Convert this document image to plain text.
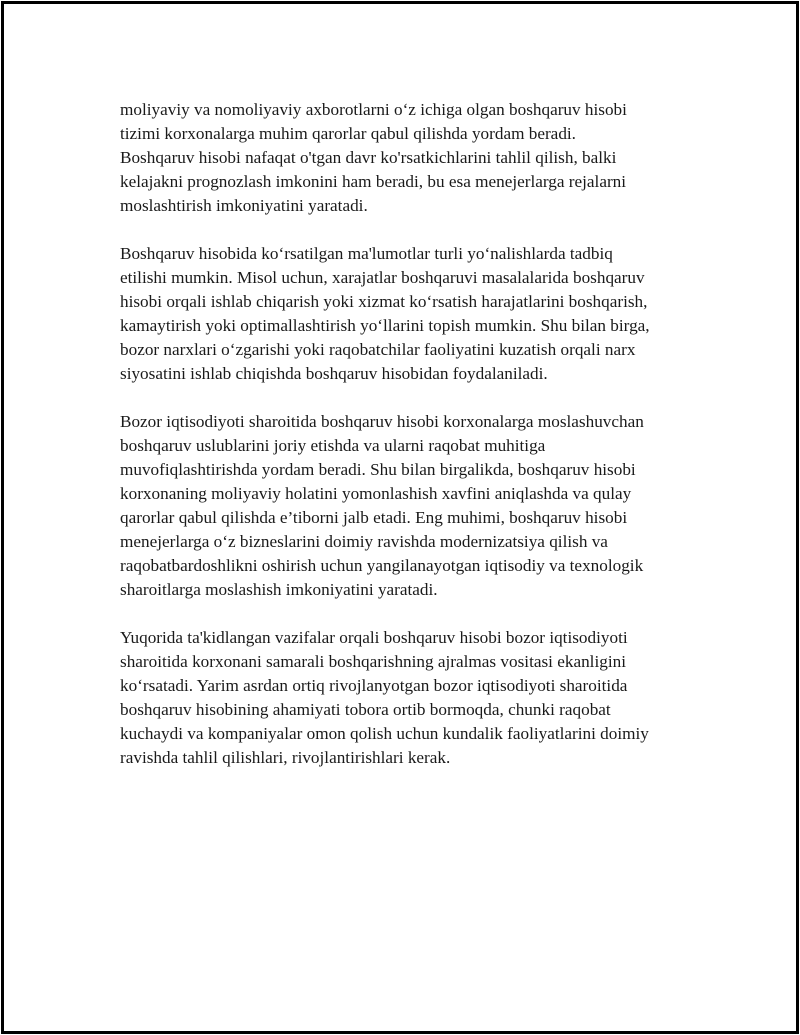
moliyaviy va nomoliyaviy axborotlarni o‘z ichiga olgan boshqaruv hisobi
tizimi korxonalarga muhim qarorlar qabul qilishda yordam beradi.
Boshqaruv hisobi nafaqat o'tgan davr ko'rsatkichlarini tahlil qilish, balki
kelajakni prognozlash imkonini ham beradi, bu esa menejerlarga rejalarni
moslashtirish imkoniyatini yaratadi.

Boshqaruv hisobida ko‘rsatilgan ma'lumotlar turli yo‘nalishlarda tadbiq
etilishi mumkin. Misol uchun, xarajatlar boshqaruvi masalalarida boshqaruv
hisobi orqali ishlab chiqarish yoki xizmat ko‘rsatish harajatlarini boshqarish,
kamaytirish yoki optimallashtirish yo‘llarini topish mumkin. Shu bilan birga,
bozor narxlari o‘zgarishi yoki raqobatchilar faoliyatini kuzatish orqali narx
siyosatini ishlab chiqishda boshqaruv hisobidan foydalaniladi.

Bozor iqtisodiyoti sharoitida boshqaruv hisobi korxonalarga moslashuvchan
boshqaruv uslublarini joriy etishda va ularni raqobat muhitiga
muvofiqlashtirishda yordam beradi. Shu bilan birgalikda, boshqaruv hisobi
korxonaning moliyaviy holatini yomonlashish xavfini aniqlashda va qulay
qarorlar qabul qilishda e’tiborni jalb etadi. Eng muhimi, boshqaruv hisobi
menejerlarga o‘z bizneslarini doimiy ravishda modernizatsiya qilish va
raqobatbardoshlikni oshirish uchun yangilanayotgan iqtisodiy va texnologik
sharoitlarga moslashish imkoniyatini yaratadi.

Yuqorida ta'kidlangan vazifalar orqali boshqaruv hisobi bozor iqtisodiyoti
sharoitida korxonani samarali boshqarishning ajralmas vositasi ekanligini
ko‘rsatadi. Yarim asrdan ortiq rivojlanyotgan bozor iqtisodiyoti sharoitida
boshqaruv hisobining ahamiyati tobora ortib bormoqda, chunki raqobat
kuchaydi va kompaniyalar omon qolish uchun kundalik faoliyatlarini doimiy
ravishda tahlil qilishlari, rivojlantirishlari kerak.
